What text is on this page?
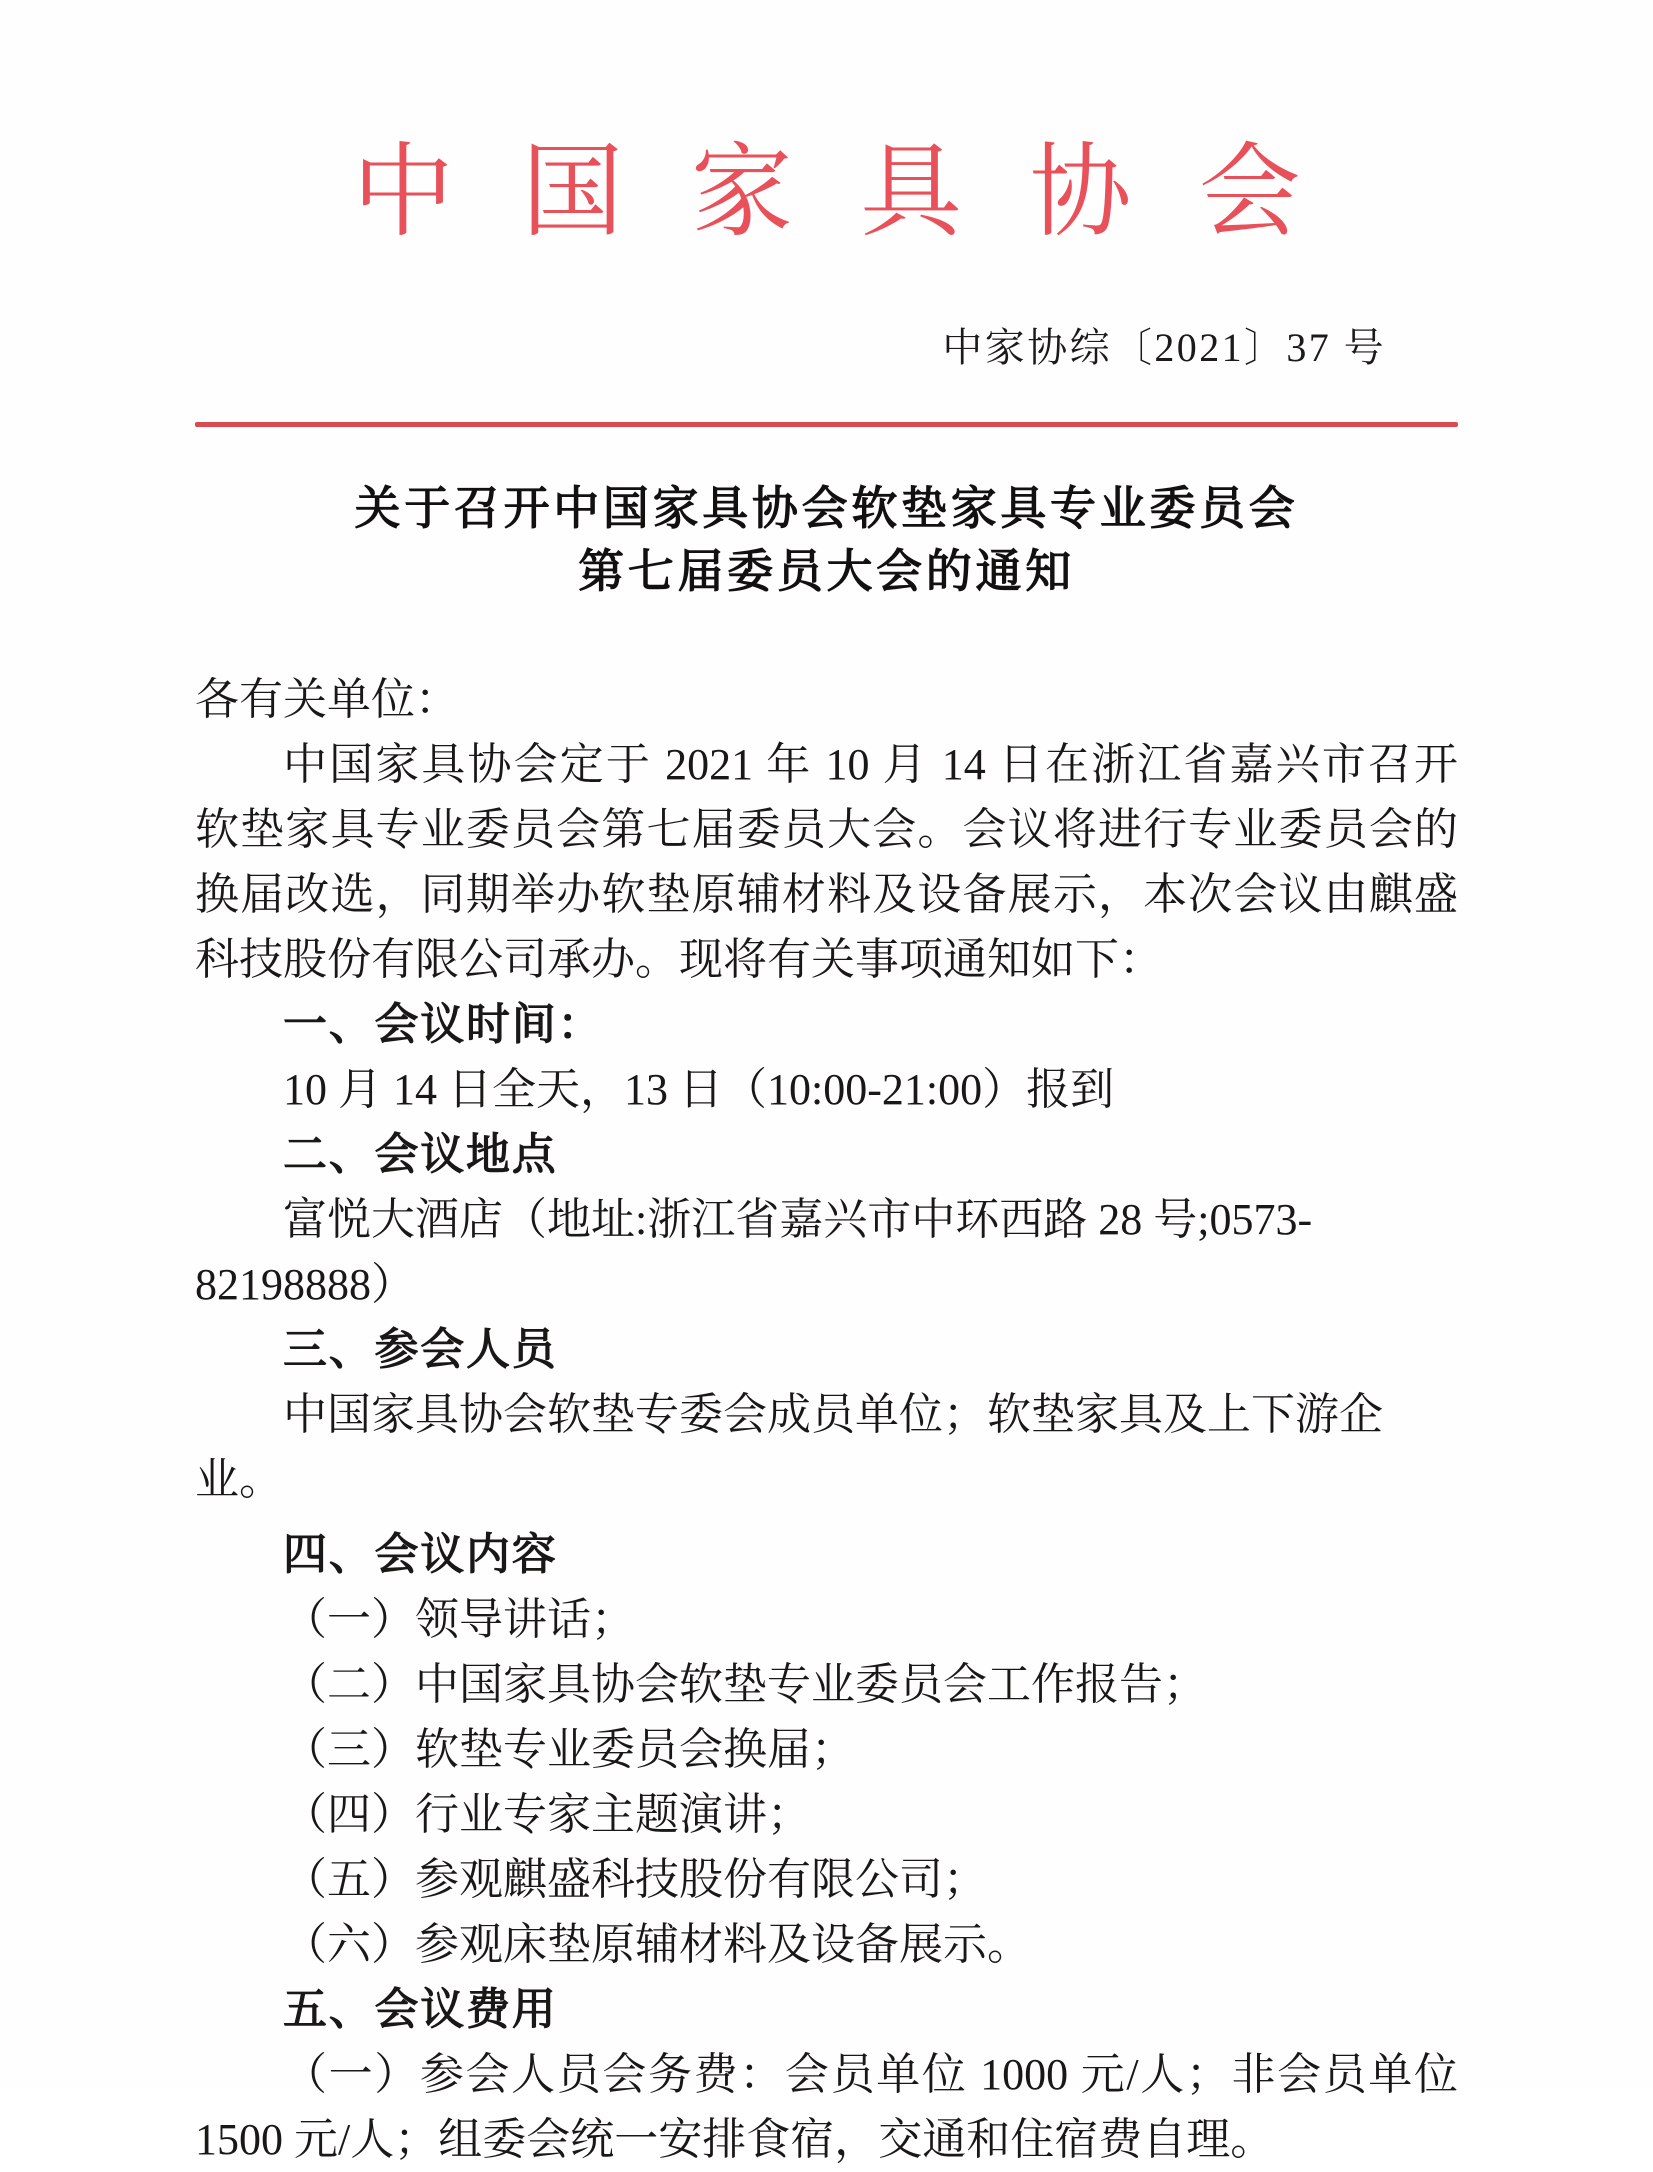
中国家具协会
中家协综〔2021〕37 号
关于召开中国家具协会软垫家具专业委员会
第七届委员大会的通知
各有关单位：
中国家具协会定于 2021 年 10 月 14 日在浙江省嘉兴市召开
软垫家具专业委员会第七届委员大会。会议将进行专业委员会的
换届改选，同期举办软垫原辅材料及设备展示，本次会议由麒盛
科技股份有限公司承办。现将有关事项通知如下：
一、会议时间：
10 月 14 日全天，13 日（10:00-21:00）报到
二、会议地点
富悦大酒店（地址:浙江省嘉兴市中环西路 28 号;0573-82198888）
三、参会人员
中国家具协会软垫专委会成员单位；软垫家具及上下游企业。
四、会议内容
（一）领导讲话；
（二）中国家具协会软垫专业委员会工作报告；
（三）软垫专业委员会换届；
（四）行业专家主题演讲；
（五）参观麒盛科技股份有限公司；
（六）参观床垫原辅材料及设备展示。
五、会议费用
（一）参会人员会务费：会员单位 1000 元/人；非会员单位
1500 元/人；组委会统一安排食宿，交通和住宿费自理。
